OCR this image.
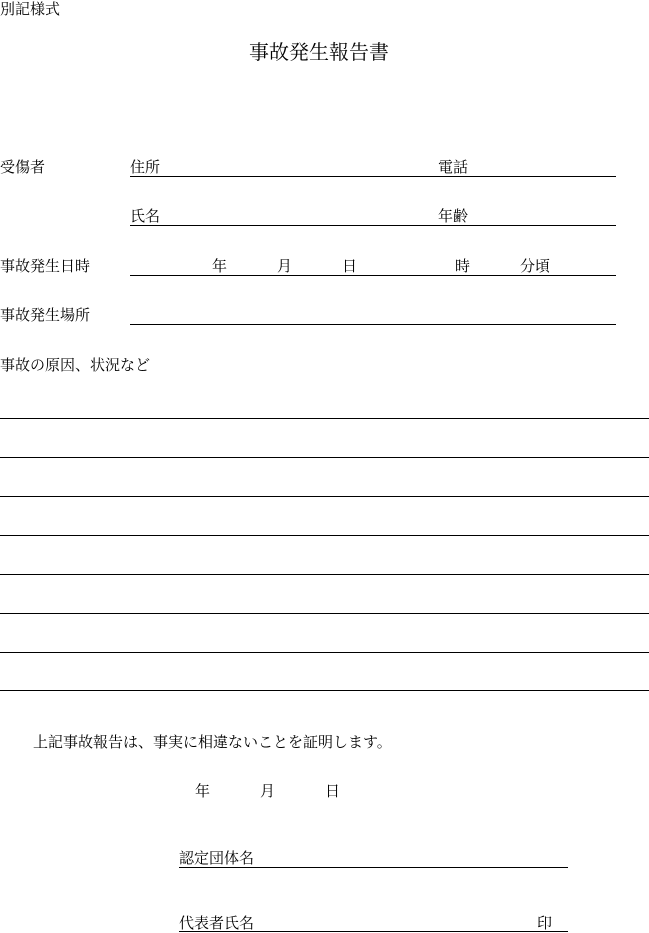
別記様式
事故発生報告書
受傷者	住所	電話
氏名	年齢
事故発生日時	年	月	日	時	分頃
事故発生場所
事故の原因、状況など
上記事故報告は、事実に相違ないことを証明します。
年	月	日
認定団体名
代表者氏名	印
